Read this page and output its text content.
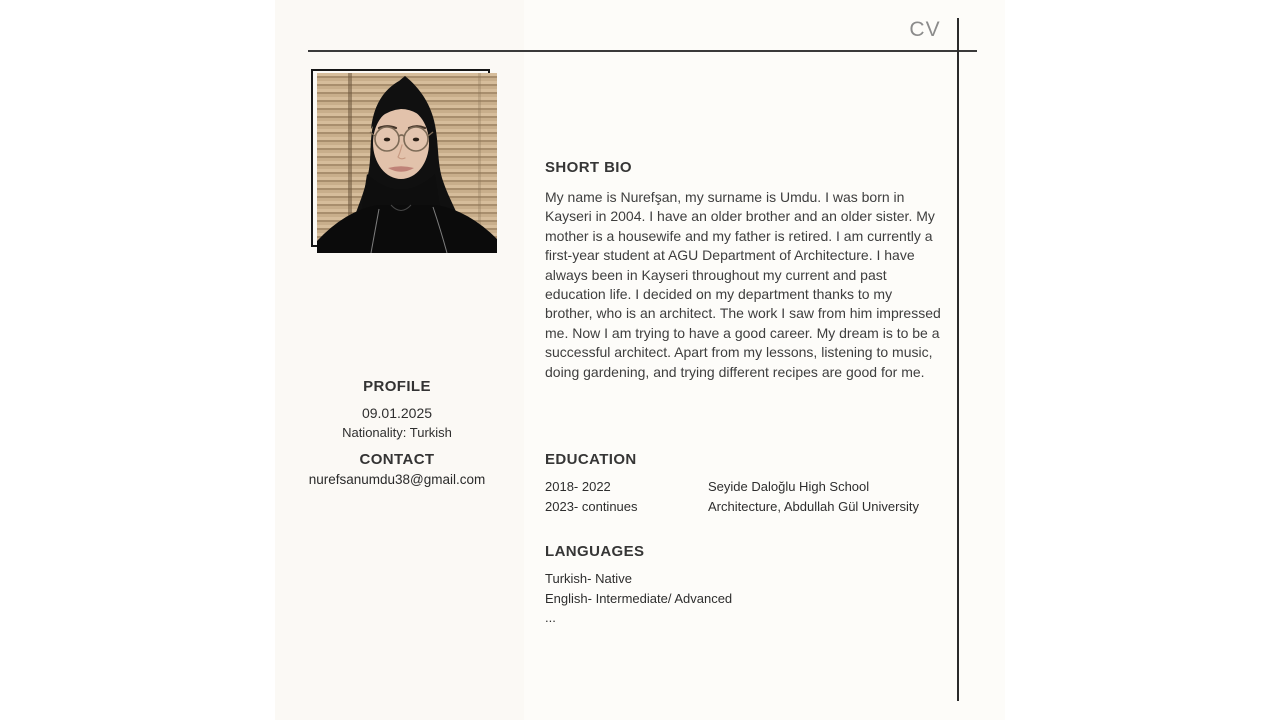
CV
PROFILE
09.01.2025
Nationality: Turkish
CONTACT
nurefsanumdu38@gmail.com
SHORT BIO
My name is Nurefşan, my surname is Umdu. I was born in Kayseri in 2004. I have an older brother and an older sister. My mother is a housewife and my father is retired. I am currently a first-year student at AGU Department of Architecture. I have always been in Kayseri throughout my current and past education life. I decided on my department thanks to my brother, who is an architect. The work I saw from him impressed me. Now I am trying to have a good career. My dream is to be a successful architect. Apart from my lessons, listening to music, doing gardening, and trying different recipes are good for me.
EDUCATION
2018- 2022	Seyide Daloğlu High School
2023- continues	Architecture, Abdullah Gül University
LANGUAGES
Turkish- Native
English- Intermediate/ Advanced
...
